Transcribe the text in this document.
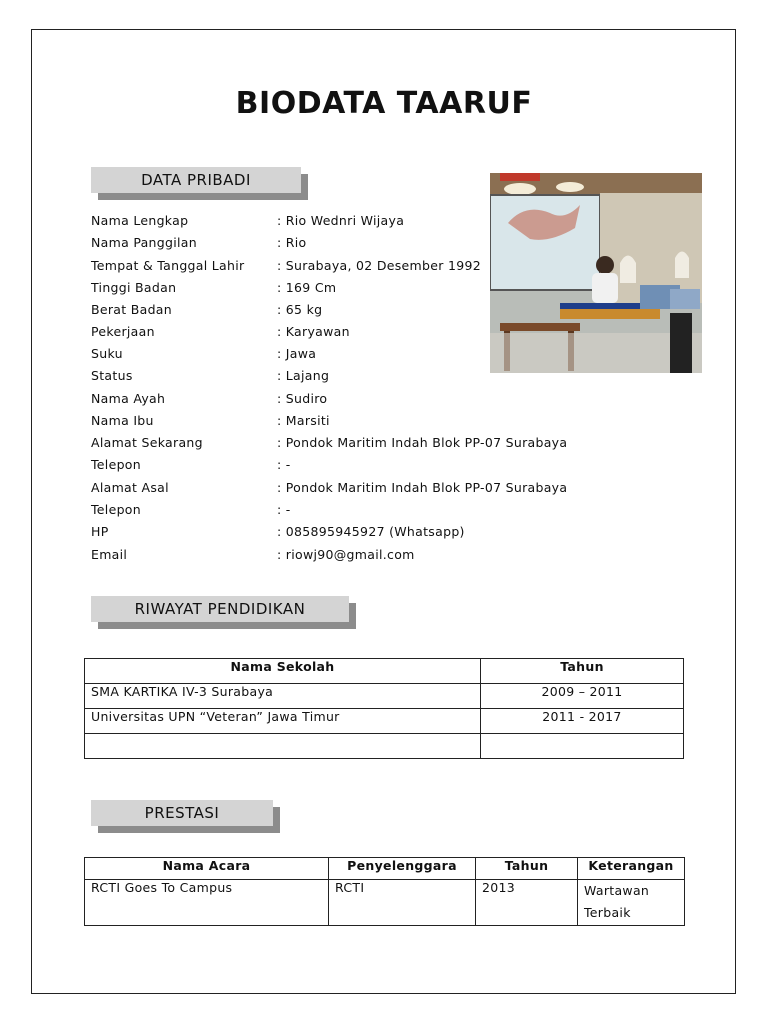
BIODATA TAARUF
DATA PRIBADI
Nama Lengkap	: Rio Wednri Wijaya
Nama Panggilan	: Rio
Tempat & Tanggal Lahir	: Surabaya, 02 Desember 1992
Tinggi Badan	: 169 Cm
Berat Badan	: 65 kg
Pekerjaan	: Karyawan
Suku	: Jawa
Status	: Lajang
Nama Ayah	: Sudiro
Nama Ibu	: Marsiti
Alamat Sekarang	: Pondok Maritim Indah Blok PP-07 Surabaya
Telepon	: -
Alamat Asal	: Pondok Maritim Indah Blok PP-07 Surabaya
Telepon	: -
HP	: 085895945927 (Whatsapp)
Email	: riowj90@gmail.com
RIWAYAT PENDIDIKAN
Nama Sekolah	Tahun
SMA KARTIKA IV-3 Surabaya	2009 – 2011
Universitas UPN “Veteran” Jawa Timur	2011 - 2017

PRESTASI
Nama Acara	Penyelenggara	Tahun	Keterangan
RCTI Goes To Campus	RCTI	2013	Wartawan Terbaik
